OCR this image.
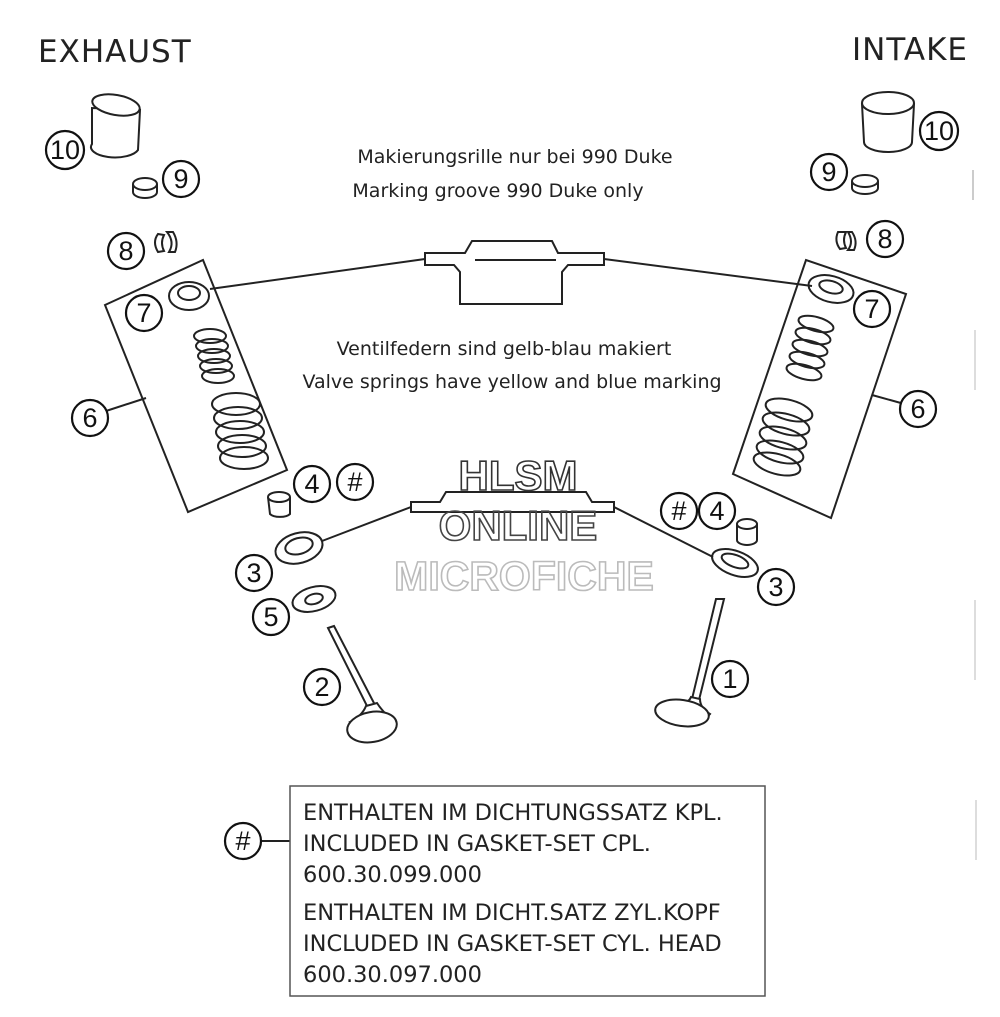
EXHAUST	INTAKE
Makierungsrille nur bei 990 Duke
Marking groove 990 Duke only
Ventilfedern sind gelb-blau makiert
Valve springs have yellow and blue marking
10
9
8
7
6
4 #
3
5
2
10
9
8
7
6
# 4
3
1
#
ENTHALTEN IM DICHTUNGSSATZ KPL.
INCLUDED IN GASKET-SET CPL.
600.30.099.000
ENTHALTEN IM DICHT.SATZ ZYL.KOPF
INCLUDED IN GASKET-SET CYL. HEAD
600.30.097.000
HLSM
ONLINE
MICROFICHE
